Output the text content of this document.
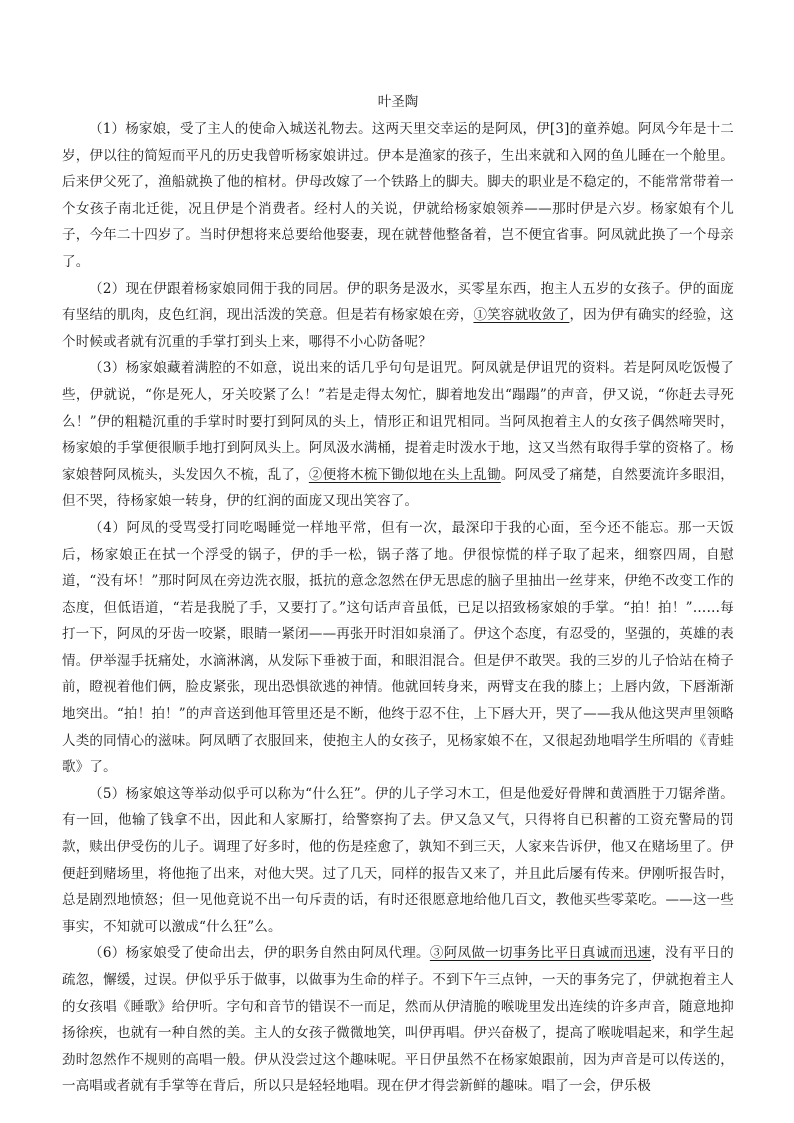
叶圣陶

（1）杨家娘，受了主人的使命入城送礼物去。这两天里交幸运的是阿凤，伊[3]的童养媳。阿凤今年是十二岁，伊以往的简短而平凡的历史我曾听杨家娘讲过。伊本是渔家的孩子，生出来就和入网的鱼儿睡在一个舱里。后来伊父死了，渔船就换了他的棺材。伊母改嫁了一个铁路上的脚夫。脚夫的职业是不稳定的，不能常常带着一个女孩子南北迁徙，况且伊是个消费者。经村人的关说，伊就给杨家娘领养——那时伊是六岁。杨家娘有个儿子，今年二十四岁了。当时伊想将来总要给他娶妻，现在就替他整备着，岂不便宜省事。阿凤就此换了一个母亲了。

（2）现在伊跟着杨家娘同佣于我的同居。伊的职务是汲水，买零星东西，抱主人五岁的女孩子。伊的面庞有坚结的肌肉，皮色红润，现出活泼的笑意。但是若有杨家娘在旁，①笑容就收敛了，因为伊有确实的经验，这个时候或者就有沉重的手掌打到头上来，哪得不小心防备呢？

（3）杨家娘藏着满腔的不如意，说出来的话几乎句句是诅咒。阿凤就是伊诅咒的资料。若是阿凤吃饭慢了些，伊就说，“你是死人，牙关咬紧了么！”若是走得太匆忙，脚着地发出“蹋蹋”的声音，伊又说，“你赶去寻死么！”伊的粗糙沉重的手掌时时要打到阿凤的头上，情形正和诅咒相同。当阿凤抱着主人的女孩子偶然啼哭时，杨家娘的手掌便很顺手地打到阿凤头上。阿凤汲水满桶，提着走时泼水于地，这又当然有取得手掌的资格了。杨家娘替阿凤梳头，头发因久不梳，乱了，②便将木梳下锄似地在头上乱锄。阿凤受了痛楚，自然要流许多眼泪，但不哭，待杨家娘一转身，伊的红润的面庞又现出笑容了。

（4）阿凤的受骂受打同吃喝睡觉一样地平常，但有一次，最深印于我的心面，至今还不能忘。那一天饭后，杨家娘正在拭一个浮受的锅子，伊的手一松，锅子落了地。伊很惊慌的样子取了起来，细察四周，自慰道，“没有坏！”那时阿凤在旁边洗衣服，抵抗的意念忽然在伊无思虑的脑子里抽出一丝芽来，伊绝不改变工作的态度，但低语道，“若是我脱了手，又要打了。”这句话声音虽低，已足以招致杨家娘的手掌。“拍！拍！”……每打一下，阿凤的牙齿一咬紧，眼睛一紧闭——再张开时泪如泉涌了。伊这个态度，有忍受的，坚强的，英雄的表情。伊举湿手抚痛处，水滴淋漓，从发际下垂被于面，和眼泪混合。但是伊不敢哭。我的三岁的儿子恰站在椅子前，瞪视着他们俩，脸皮紧张，现出恐惧欲逃的神情。他就回转身来，两臂支在我的膝上；上唇内敛，下唇渐渐地突出。“拍！拍！”的声音送到他耳管里还是不断，他终于忍不住，上下唇大开，哭了——我从他这哭声里领略人类的同情心的滋味。阿凤晒了衣服回来，使抱主人的女孩子，见杨家娘不在，又很起劲地唱学生所唱的《青蛙歌》了。

（5）杨家娘这等举动似乎可以称为“什么狂”。伊的儿子学习木工，但是他爱好骨牌和黄酒胜于刀锯斧凿。有一回，他输了钱拿不出，因此和人家厮打，给警察拘了去。伊又急又气，只得将自已积蓄的工资充警局的罚款，赎出伊受伤的儿子。调理了好多时，他的伤是痊愈了，孰知不到三天，人家来告诉伊，他又在赌场里了。伊便赶到赌场里，将他拖了出来，对他大哭。过了几天，同样的报告又来了，并且此后屡有传来。伊刚听报告时，总是剧烈地愤怒；但一见他竟说不出一句斥责的话，有时还很愿意地给他几百文，教他买些零菜吃。——这一些事实，不知就可以激成“什么狂”么。

（6）杨家娘受了使命出去，伊的职务自然由阿凤代理。③阿凤做一切事务比平日真诚而迅速，没有平日的疏忽，懈缓，过误。伊似乎乐于做事，以做事为生命的样子。不到下午三点钟，一天的事务完了，伊就抱着主人的女孩唱《睡歌》给伊听。字句和音节的错误不一而足，然而从伊清脆的喉咙里发出连续的许多声音，随意地抑扬徐疾，也就有一种自然的美。主人的女孩子微微地笑，叫伊再唱。伊兴奋极了，提高了喉咙唱起来，和学生起劲时忽然作不规则的高唱一般。伊从没尝过这个趣味呢。平日伊虽然不在杨家娘跟前，因为声音是可以传送的，一高唱或者就有手掌等在背后，所以只是轻轻地唱。现在伊才得尝新鲜的趣味。唱了一会，伊乐极
